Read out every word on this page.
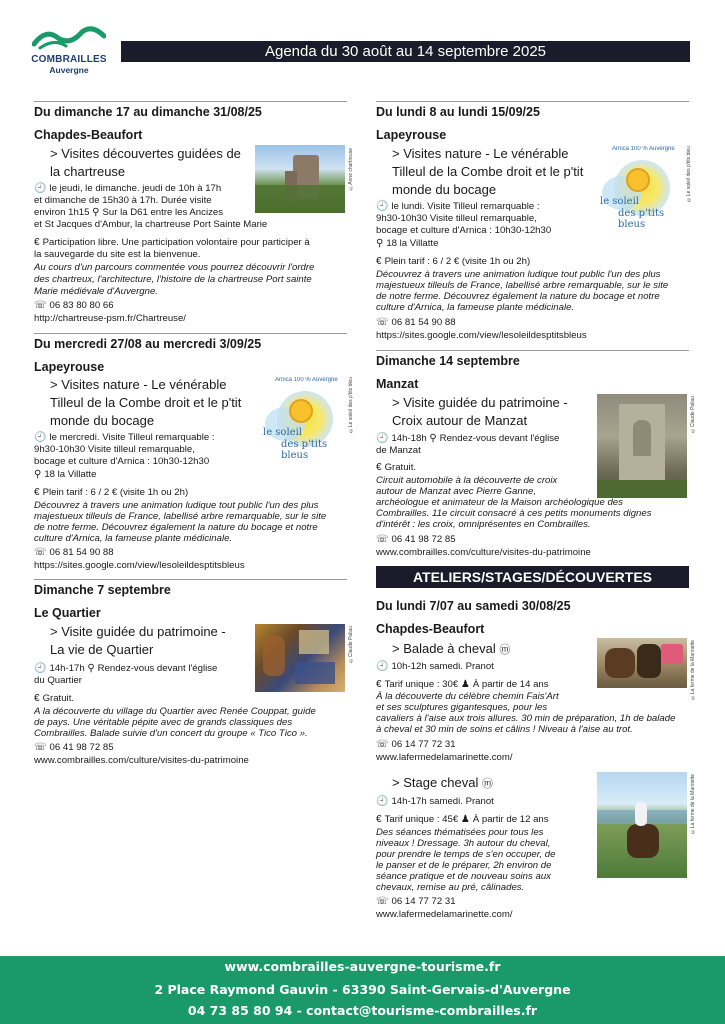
COMBRAILLES
Auvergne
Agenda du 30 août au 14 septembre 2025
Du dimanche 17 au dimanche 31/08/25
Chapdes-Beaufort
> Visites découvertes guidées de
la chartreuse	©Anne chartreuse
🕘 le jeudi, le dimanche. jeudi de 10h à 17h
et dimanche de 15h30 à 17h. Durée visite
environ 1h15 ⚲ Sur la D61 entre les Ancizes
et St Jacques d'Ambur, la chartreuse Port Sainte Marie
€ Participation libre. Une participation volontaire pour participer à
la sauvegarde du site est la bienvenue.
Au cours d'un parcours commentée vous pourrez découvrir l'ordre
des chartreux, l'architecture, l'histoire de la chartreuse Port sainte
Marie médiévale d'Auvergne.
☏ 06 83 80 80 66
http://chartreuse-psm.fr/Chartreuse/
Du mercredi 27/08 au mercredi 3/09/25
Lapeyrouse
> Visites nature - Le vénérable
Tilleul de la Combe droit et le p'tit
monde du bocage
Arnica 100 % Auvergne
le soleil
des p'tits bleus
©Le soleil des p'tits bleu
🕘 le mercredi. Visite Tilleul remarquable :
9h30-10h30 Visite tilleul remarquable,
bocage et culture d'Arnica : 10h30-12h30
⚲ 18 la Villatte
€ Plein tarif : 6 / 2 € (visite 1h ou 2h)
Découvrez à travers une animation ludique tout public l'un des plus
majestueux tilleuls de France, labellisé arbre remarquable, sur le site
de notre ferme. Découvrez également la nature du bocage et notre
culture d'Arnica, la fameuse plante médicinale.
☏ 06 81 54 90 88
https://sites.google.com/view/lesoleildesptitsbleus
Dimanche 7 septembre
Le Quartier
> Visite guidée du patrimoine -
La vie de Quartier	©Claude Paliau
🕘 14h-17h ⚲ Rendez-vous devant l'église
du Quartier
€ Gratuit.
A la découverte du village du Quartier avec Renée Couppat, guide
de pays. Une véritable pépite avec de grands classiques des
Combrailles. Balade suivie d'un concert du groupe « Tico Tico ».
☏ 06 41 98 72 85
www.combrailles.com/culture/visites-du-patrimoine
Du lundi 8 au lundi 15/09/25
Lapeyrouse
> Visites nature - Le vénérable
Tilleul de la Combe droit et le p'tit
monde du bocage
Arnica 100 % Auvergne
le soleil
des p'tits bleus
©Le soleil des p'tits bleu
🕘 le lundi. Visite Tilleul remarquable :
9h30-10h30 Visite tilleul remarquable,
bocage et culture d'Arnica : 10h30-12h30
⚲ 18 la Villatte
€ Plein tarif : 6 / 2 € (visite 1h ou 2h)
Découvrez à travers une animation ludique tout public l'un des plus
majestueux tilleuls de France, labellisé arbre remarquable, sur le site
de notre ferme. Découvrez également la nature du bocage et notre
culture d'Arnica, la fameuse plante médicinale.
☏ 06 81 54 90 88
https://sites.google.com/view/lesoleildesptitsbleus
Dimanche 14 septembre
Manzat
> Visite guidée du patrimoine -
Croix autour de Manzat	©Claude Paliau
🕘 14h-18h ⚲ Rendez-vous devant l'église
de Manzat
€ Gratuit.
Circuit automobile à la découverte de croix
autour de Manzat avec Pierre Ganne,
archéologue et animateur de la Maison archéologique des
Combrailles. 11e circuit consacré à ces petits monuments dignes
d'intérêt : les croix, omniprésentes en Combrailles.
☏ 06 41 98 72 85
www.combrailles.com/culture/visites-du-patrimoine
Du lundi 7/07 au samedi 30/08/25
Chapdes-Beaufort
> Balade à cheval ⓜ	©La ferme de la Marinette
🕘 10h-12h samedi. Pranot
€ Tarif unique : 30€ ♟ À partir de 14 ans
À la découverte du célèbre chemin Fais'Art
et ses sculptures gigantesques, pour les
cavaliers à l'aise aux trois allures. 30 min de préparation, 1h de balade
à cheval et 30 min de soins et câlins ! Niveau à l'aise au trot.
☏ 06 14 77 72 31
www.lafermedelamarinette.com/
> Stage cheval ⓜ	©La ferme de la Marinette
🕘 14h-17h samedi. Pranot
€ Tarif unique : 45€ ♟ À partir de 12 ans
Des séances thématisées pour tous les
niveaux ! Dressage. 3h autour du cheval,
pour prendre le temps de s'en occuper, de
le panser et de le préparer, 2h environ de
séance pratique et de nouveau soins aux
chevaux, remise au pré, câlinades.
☏ 06 14 77 72 31
www.lafermedelamarinette.com/
ATELIERS/STAGES/DÉCOUVERTES
www.combrailles-auvergne-tourisme.fr
2 Place Raymond Gauvin - 63390 Saint-Gervais-d'Auvergne
04 73 85 80 94 - contact@tourisme-combrailles.fr
